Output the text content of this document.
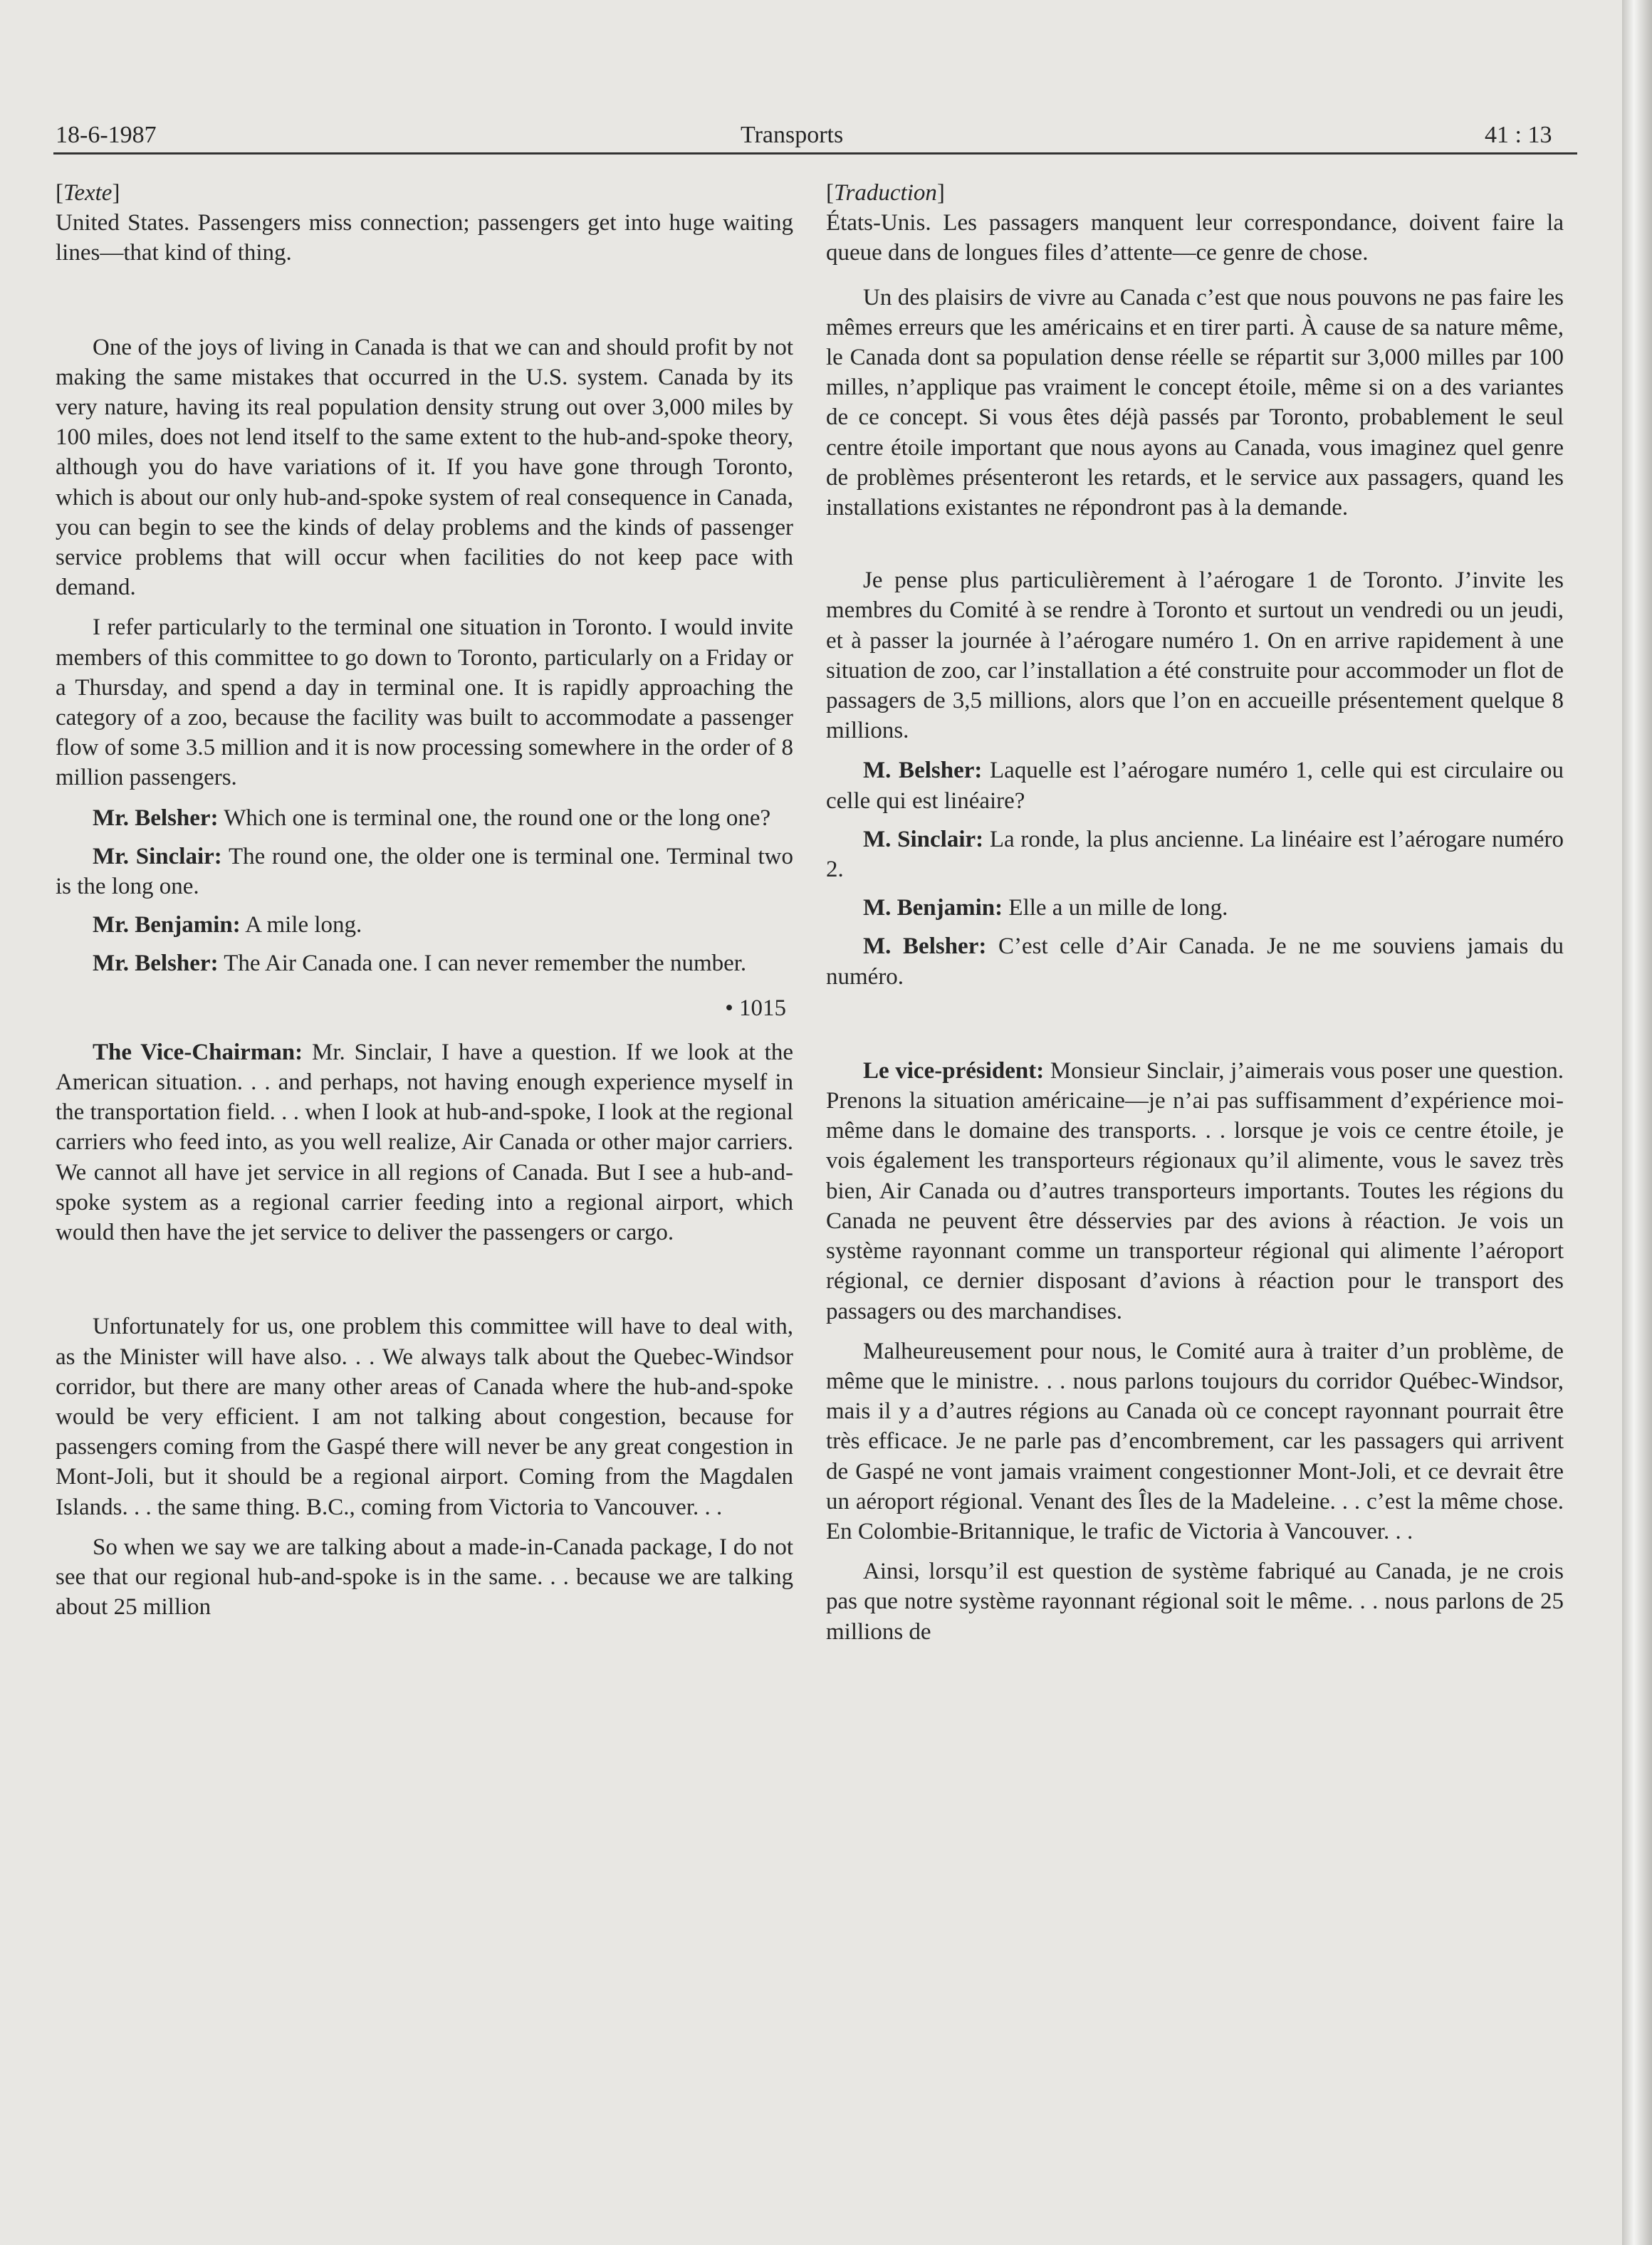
18-6-1987	Transports	41 : 13

[Texte]

United States. Passengers miss connection; passengers get into huge waiting lines—that kind of thing.

One of the joys of living in Canada is that we can and should profit by not making the same mistakes that occurred in the U.S. system. Canada by its very nature, having its real population density strung out over 3,000 miles by 100 miles, does not lend itself to the same extent to the hub-and-spoke theory, although you do have variations of it. If you have gone through Toronto, which is about our only hub-and-spoke system of real consequence in Canada, you can begin to see the kinds of delay problems and the kinds of passenger service problems that will occur when facilities do not keep pace with demand.

I refer particularly to the terminal one situation in Toronto. I would invite members of this committee to go down to Toronto, particularly on a Friday or a Thursday, and spend a day in terminal one. It is rapidly approaching the category of a zoo, because the facility was built to accommodate a passenger flow of some 3.5 million and it is now processing somewhere in the order of 8 million passengers.

Mr. Belsher: Which one is terminal one, the round one or the long one?

Mr. Sinclair: The round one, the older one is terminal one. Terminal two is the long one.

Mr. Benjamin: A mile long.

Mr. Belsher: The Air Canada one. I can never remember the number.

• 1015

The Vice-Chairman: Mr. Sinclair, I have a question. If we look at the American situation. . . and perhaps, not having enough experience myself in the transportation field. . . when I look at hub-and-spoke, I look at the regional carriers who feed into, as you well realize, Air Canada or other major carriers. We cannot all have jet service in all regions of Canada. But I see a hub-and-spoke system as a regional carrier feeding into a regional airport, which would then have the jet service to deliver the passengers or cargo.

Unfortunately for us, one problem this committee will have to deal with, as the Minister will have also. . . We always talk about the Quebec-Windsor corridor, but there are many other areas of Canada where the hub-and-spoke would be very efficient. I am not talking about congestion, because for passengers coming from the Gaspé there will never be any great congestion in Mont-Joli, but it should be a regional airport. Coming from the Magdalen Islands. . . the same thing. B.C., coming from Victoria to Vancouver. . .

So when we say we are talking about a made-in-Canada package, I do not see that our regional hub-and-spoke is in the same. . . because we are talking about 25 million

[Traduction]

États-Unis. Les passagers manquent leur correspondance, doivent faire la queue dans de longues files d’attente—ce genre de chose.

Un des plaisirs de vivre au Canada c’est que nous pouvons ne pas faire les mêmes erreurs que les américains et en tirer parti. À cause de sa nature même, le Canada dont sa population dense réelle se répartit sur 3,000 milles par 100 milles, n’applique pas vraiment le concept étoile, même si on a des variantes de ce concept. Si vous êtes déjà passés par Toronto, probablement le seul centre étoile important que nous ayons au Canada, vous imaginez quel genre de problèmes présenteront les retards, et le service aux passagers, quand les installations existantes ne répondront pas à la demande.

Je pense plus particulièrement à l’aérogare 1 de Toronto. J’invite les membres du Comité à se rendre à Toronto et surtout un vendredi ou un jeudi, et à passer la journée à l’aérogare numéro 1. On en arrive rapidement à une situation de zoo, car l’installation a été construite pour accommoder un flot de passagers de 3,5 millions, alors que l’on en accueille présentement quelque 8 millions.

M. Belsher: Laquelle est l’aérogare numéro 1, celle qui est circulaire ou celle qui est linéaire?

M. Sinclair: La ronde, la plus ancienne. La linéaire est l’aérogare numéro 2.

M. Benjamin: Elle a un mille de long.

M. Belsher: C’est celle d’Air Canada. Je ne me souviens jamais du numéro.

Le vice-président: Monsieur Sinclair, j’aimerais vous poser une question. Prenons la situation américaine—je n’ai pas suffisamment d’expérience moi-même dans le domaine des transports. . . lorsque je vois ce centre étoile, je vois également les transporteurs régionaux qu’il alimente, vous le savez très bien, Air Canada ou d’autres transporteurs importants. Toutes les régions du Canada ne peuvent être désservies par des avions à réaction. Je vois un système rayonnant comme un transporteur régional qui alimente l’aéroport régional, ce dernier disposant d’avions à réaction pour le transport des passagers ou des marchandises.

Malheureusement pour nous, le Comité aura à traiter d’un problème, de même que le ministre. . . nous parlons toujours du corridor Québec-Windsor, mais il y a d’autres régions au Canada où ce concept rayonnant pourrait être très efficace. Je ne parle pas d’encombrement, car les passagers qui arrivent de Gaspé ne vont jamais vraiment congestionner Mont-Joli, et ce devrait être un aéroport régional. Venant des Îles de la Madeleine. . . c’est la même chose. En Colombie-Britannique, le trafic de Victoria à Vancouver. . .

Ainsi, lorsqu’il est question de système fabriqué au Canada, je ne crois pas que notre système rayonnant régional soit le même. . . nous parlons de 25 millions de
